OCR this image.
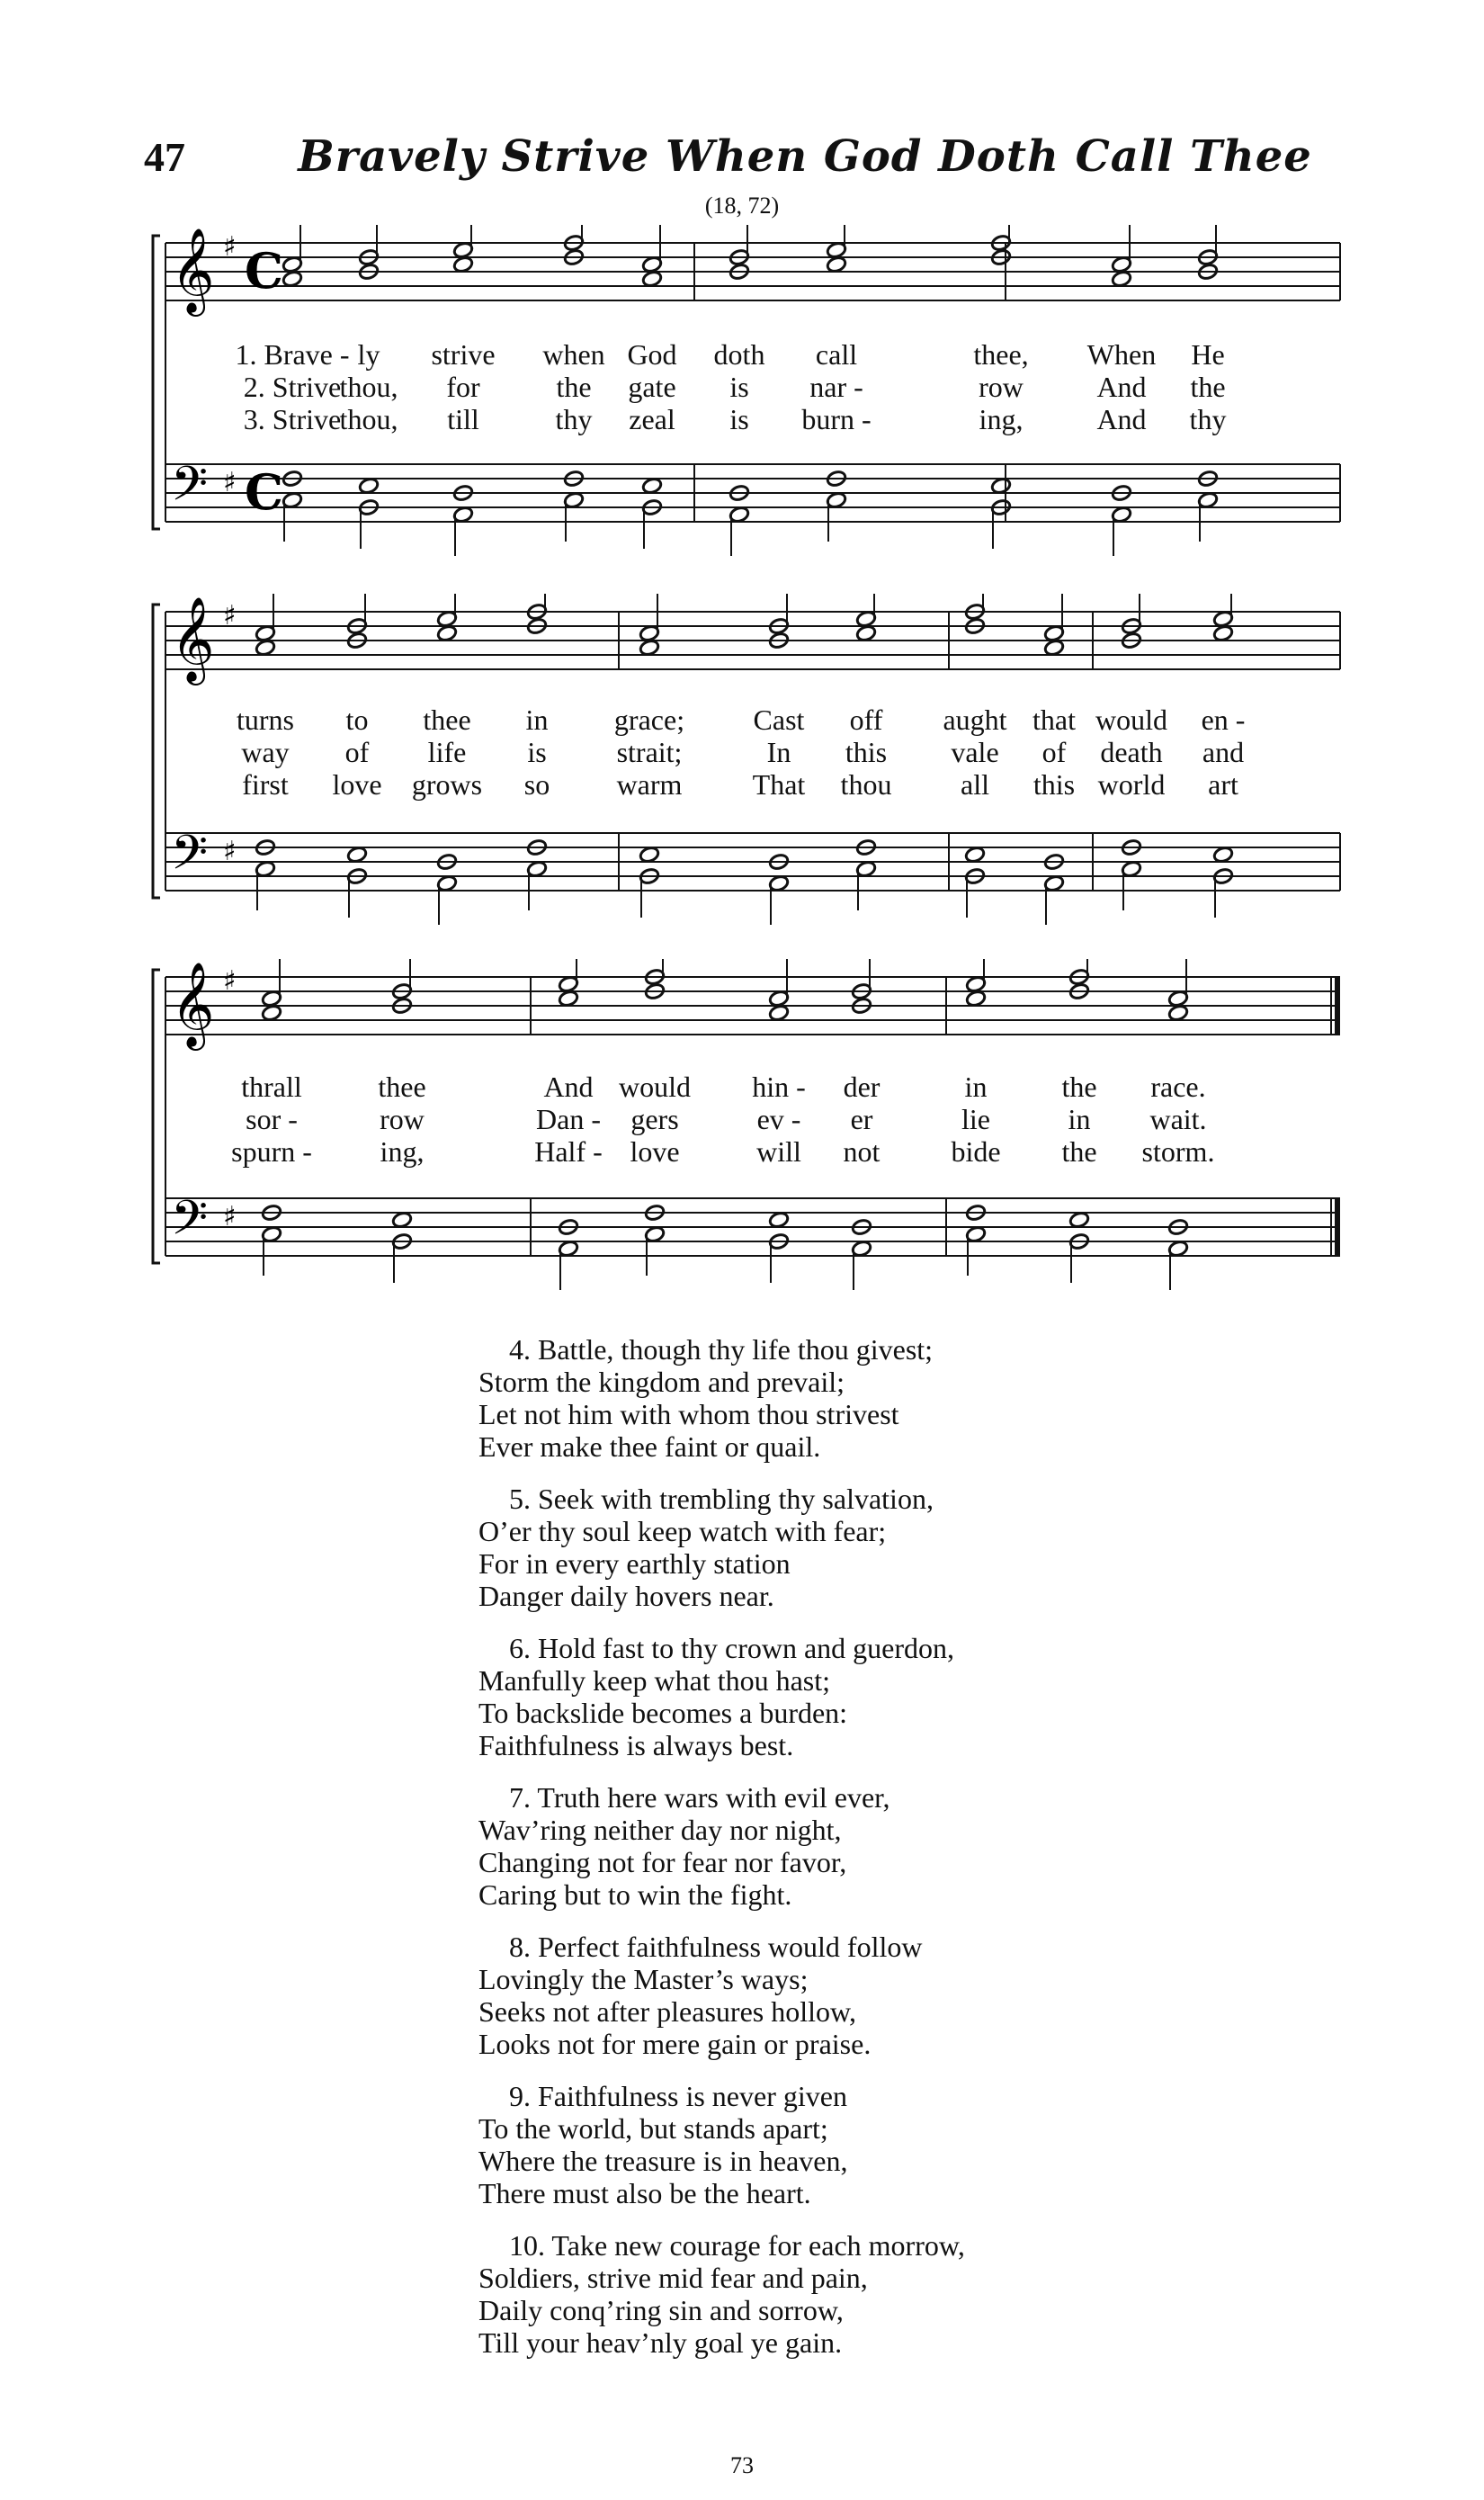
47	Bravely Strive When God Doth Call Thee
(18, 72)
𝄞
𝄢
♯
♯
C
C
1. Brave - ly strive when God doth call	thee, When He
2. Strive
thou, for	the gate is nar -	row	And the
3. Strive
thou, till	thy zeal is burn -	ing,	And thy
𝄞
𝄢
♯
♯
turns to thee in grace; Cast off aught that would en -
way of life is strait;	In this vale of death and
first love grows so warm That thou all this world art
𝄞
𝄢
♯
♯
thrall	thee	And would hin - der	in	the race.
sor -	row	Dan - gers	ev - er	lie	in wait.
spurn - ing,	Half - love	will not bide the storm.
4. Battle, though thy life thou givest;
Storm the kingdom and prevail;
Let not him with whom thou strivest
Ever make thee faint or quail.
5. Seek with trembling thy salvation,
O’er thy soul keep watch with fear;
For in every earthly station
Danger daily hovers near.
6. Hold fast to thy crown and guerdon,
Manfully keep what thou hast;
To backslide becomes a burden:
Faithfulness is always best.
7. Truth here wars with evil ever,
Wav’ring neither day nor night,
Changing not for fear nor favor,
Caring but to win the fight.
8. Perfect faithfulness would follow
Lovingly the Master’s ways;
Seeks not after pleasures hollow,
Looks not for mere gain or praise.
9. Faithfulness is never given
To the world, but stands apart;
Where the treasure is in heaven,
There must also be the heart.
10. Take new courage for each morrow,
Soldiers, strive mid fear and pain,
Daily conq’ring sin and sorrow,
Till your heav’nly goal ye gain.
73
